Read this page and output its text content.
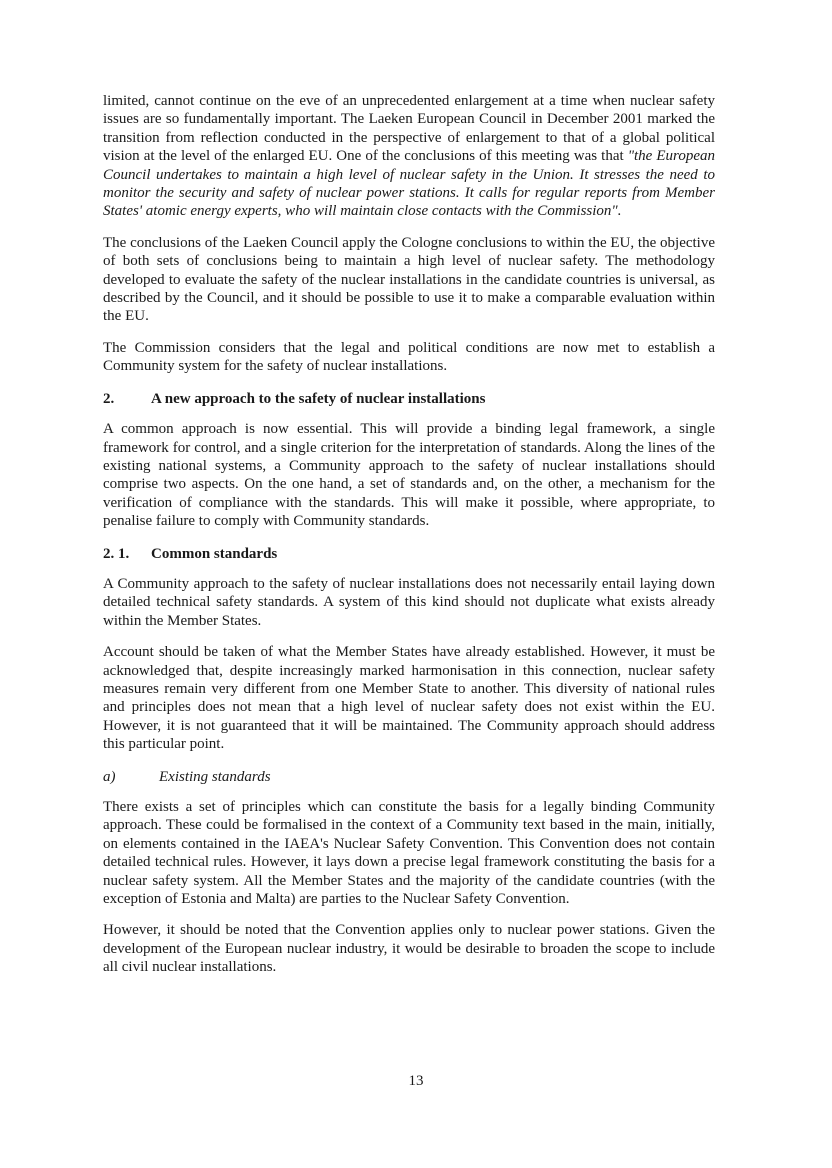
limited, cannot continue on the eve of an unprecedented enlargement at a time when nuclear safety issues are so fundamentally important. The Laeken European Council in December 2001 marked the transition from reflection conducted in the perspective of enlargement to that of a global political vision at the level of the enlarged EU. One of the conclusions of this meeting was that "the European Council undertakes to maintain a high level of nuclear safety in the Union. It stresses the need to monitor the security and safety of nuclear power stations. It calls for regular reports from Member States' atomic energy experts, who will maintain close contacts with the Commission".

The conclusions of the Laeken Council apply the Cologne conclusions to within the EU, the objective of both sets of conclusions being to maintain a high level of nuclear safety. The methodology developed to evaluate the safety of the nuclear installations in the candidate countries is universal, as described by the Council, and it should be possible to use it to make a comparable evaluation within the EU.

The Commission considers that the legal and political conditions are now met to establish a Community system for the safety of nuclear installations.

2.	A new approach to the safety of nuclear installations

A common approach is now essential. This will provide a binding legal framework, a single framework for control, and a single criterion for the interpretation of standards. Along the lines of the existing national systems, a Community approach to the safety of nuclear installations should comprise two aspects. On the one hand, a set of standards and, on the other, a mechanism for the verification of compliance with the standards. This will make it possible, where appropriate, to penalise failure to comply with Community standards.

2. 1.	Common standards

A Community approach to the safety of nuclear installations does not necessarily entail laying down detailed technical safety standards. A system of this kind should not duplicate what exists already within the Member States.

Account should be taken of what the Member States have already established. However, it must be acknowledged that, despite increasingly marked harmonisation in this connection, nuclear safety measures remain very different from one Member State to another. This diversity of national rules and principles does not mean that a high level of nuclear safety does not exist within the EU. However, it is not guaranteed that it will be maintained. The Community approach should address this particular point.

a)	Existing standards

There exists a set of principles which can constitute the basis for a legally binding Community approach. These could be formalised in the context of a Community text based in the main, initially, on elements contained in the IAEA's Nuclear Safety Convention. This Convention does not contain detailed technical rules. However, it lays down a precise legal framework constituting the basis for a nuclear safety system. All the Member States and the majority of the candidate countries (with the exception of Estonia and Malta) are parties to the Nuclear Safety Convention.

However, it should be noted that the Convention applies only to nuclear power stations. Given the development of the European nuclear industry, it would be desirable to broaden the scope to include all civil nuclear installations.

13
